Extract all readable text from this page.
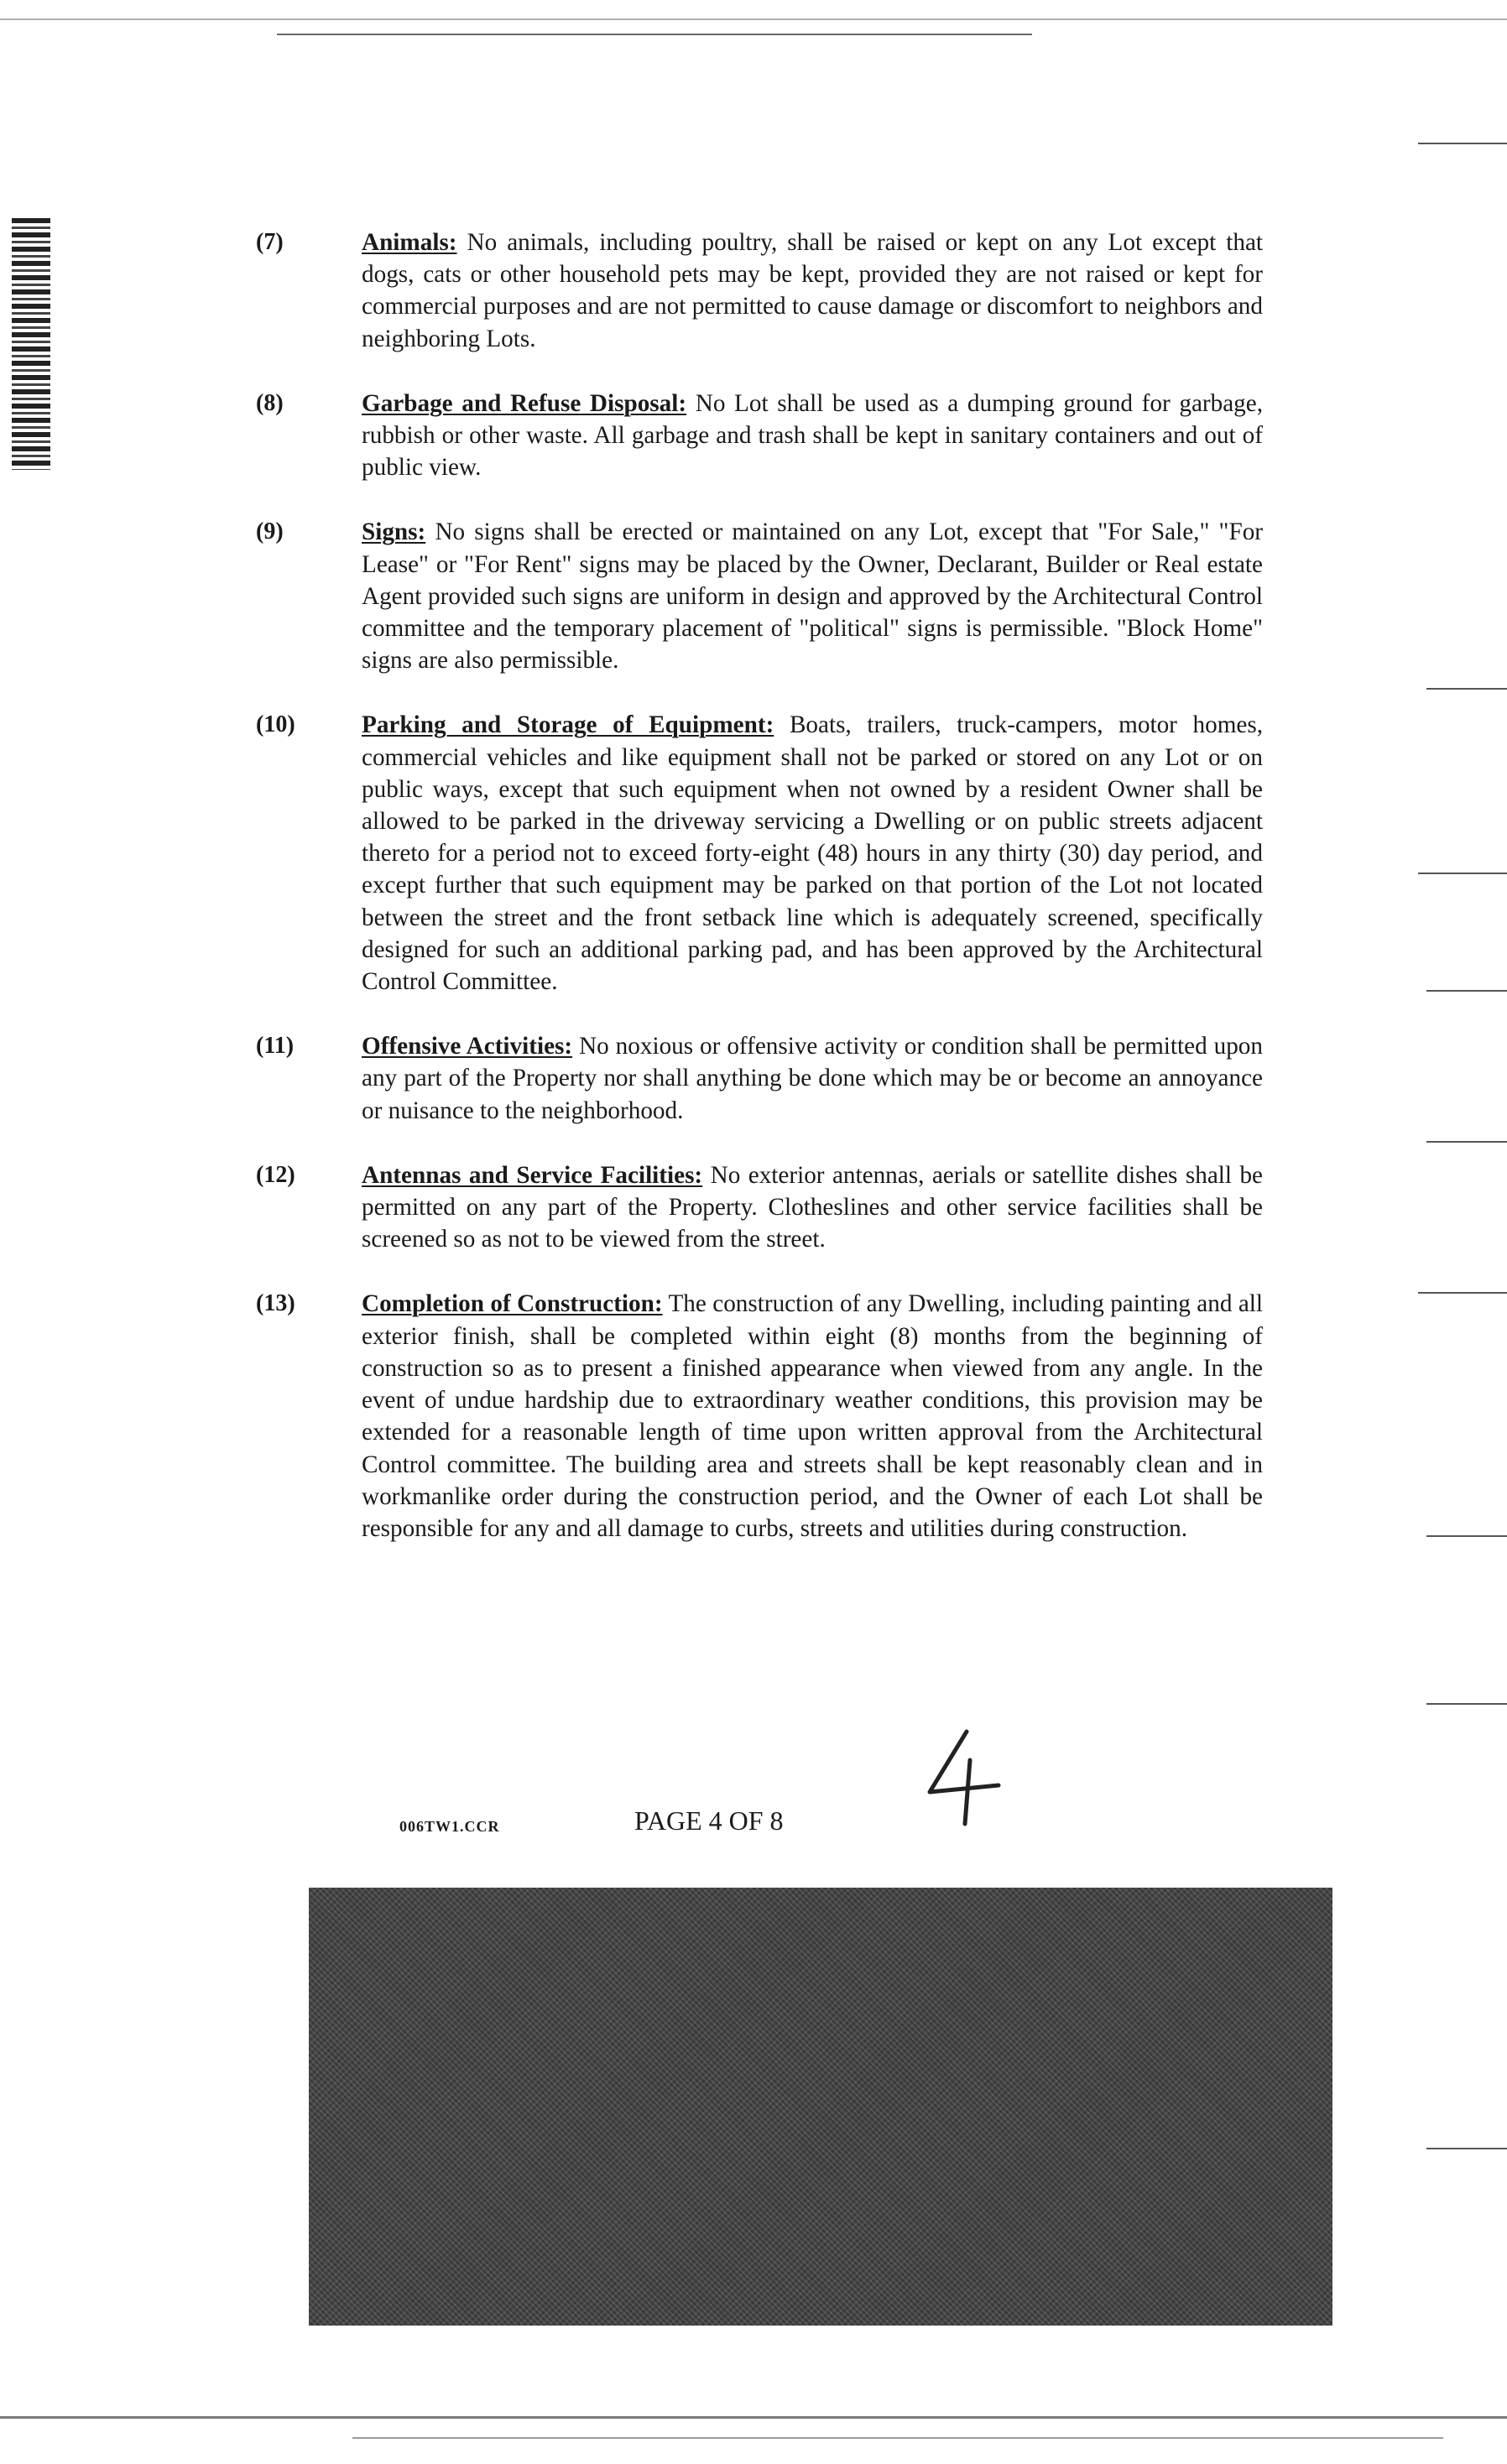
(7)	Animals: No animals, including poultry, shall be raised or kept on any Lot except that dogs, cats or other household pets may be kept, provided they are not raised or kept for commercial purposes and are not permitted to cause damage or discomfort to neighbors and neighboring Lots.
(8)	Garbage and Refuse Disposal: No Lot shall be used as a dumping ground for garbage, rubbish or other waste. All garbage and trash shall be kept in sanitary containers and out of public view.
(9)	Signs: No signs shall be erected or maintained on any Lot, except that "For Sale," "For Lease" or "For Rent" signs may be placed by the Owner, Declarant, Builder or Real estate Agent provided such signs are uniform in design and approved by the Architectural Control committee and the temporary placement of "political" signs is permissible. "Block Home" signs are also permissible.
(10)	Parking and Storage of Equipment: Boats, trailers, truck-campers, motor homes, commercial vehicles and like equipment shall not be parked or stored on any Lot or on public ways, except that such equipment when not owned by a resident Owner shall be allowed to be parked in the driveway servicing a Dwelling or on public streets adjacent thereto for a period not to exceed forty-eight (48) hours in any thirty (30) day period, and except further that such equipment may be parked on that portion of the Lot not located between the street and the front setback line which is adequately screened, specifically designed for such an additional parking pad, and has been approved by the Architectural Control Committee.
(11)	Offensive Activities: No noxious or offensive activity or condition shall be permitted upon any part of the Property nor shall anything be done which may be or become an annoyance or nuisance to the neighborhood.
(12)	Antennas and Service Facilities: No exterior antennas, aerials or satellite dishes shall be permitted on any part of the Property. Clotheslines and other service facilities shall be screened so as not to be viewed from the street.
(13)	Completion of Construction: The construction of any Dwelling, including painting and all exterior finish, shall be completed within eight (8) months from the beginning of construction so as to present a finished appearance when viewed from any angle. In the event of undue hardship due to extraordinary weather conditions, this provision may be extended for a reasonable length of time upon written approval from the Architectural Control committee. The building area and streets shall be kept reasonably clean and in workmanlike order during the construction period, and the Owner of each Lot shall be responsible for any and all damage to curbs, streets and utilities during construction.
006TW1.CCR	PAGE 4 OF 8
